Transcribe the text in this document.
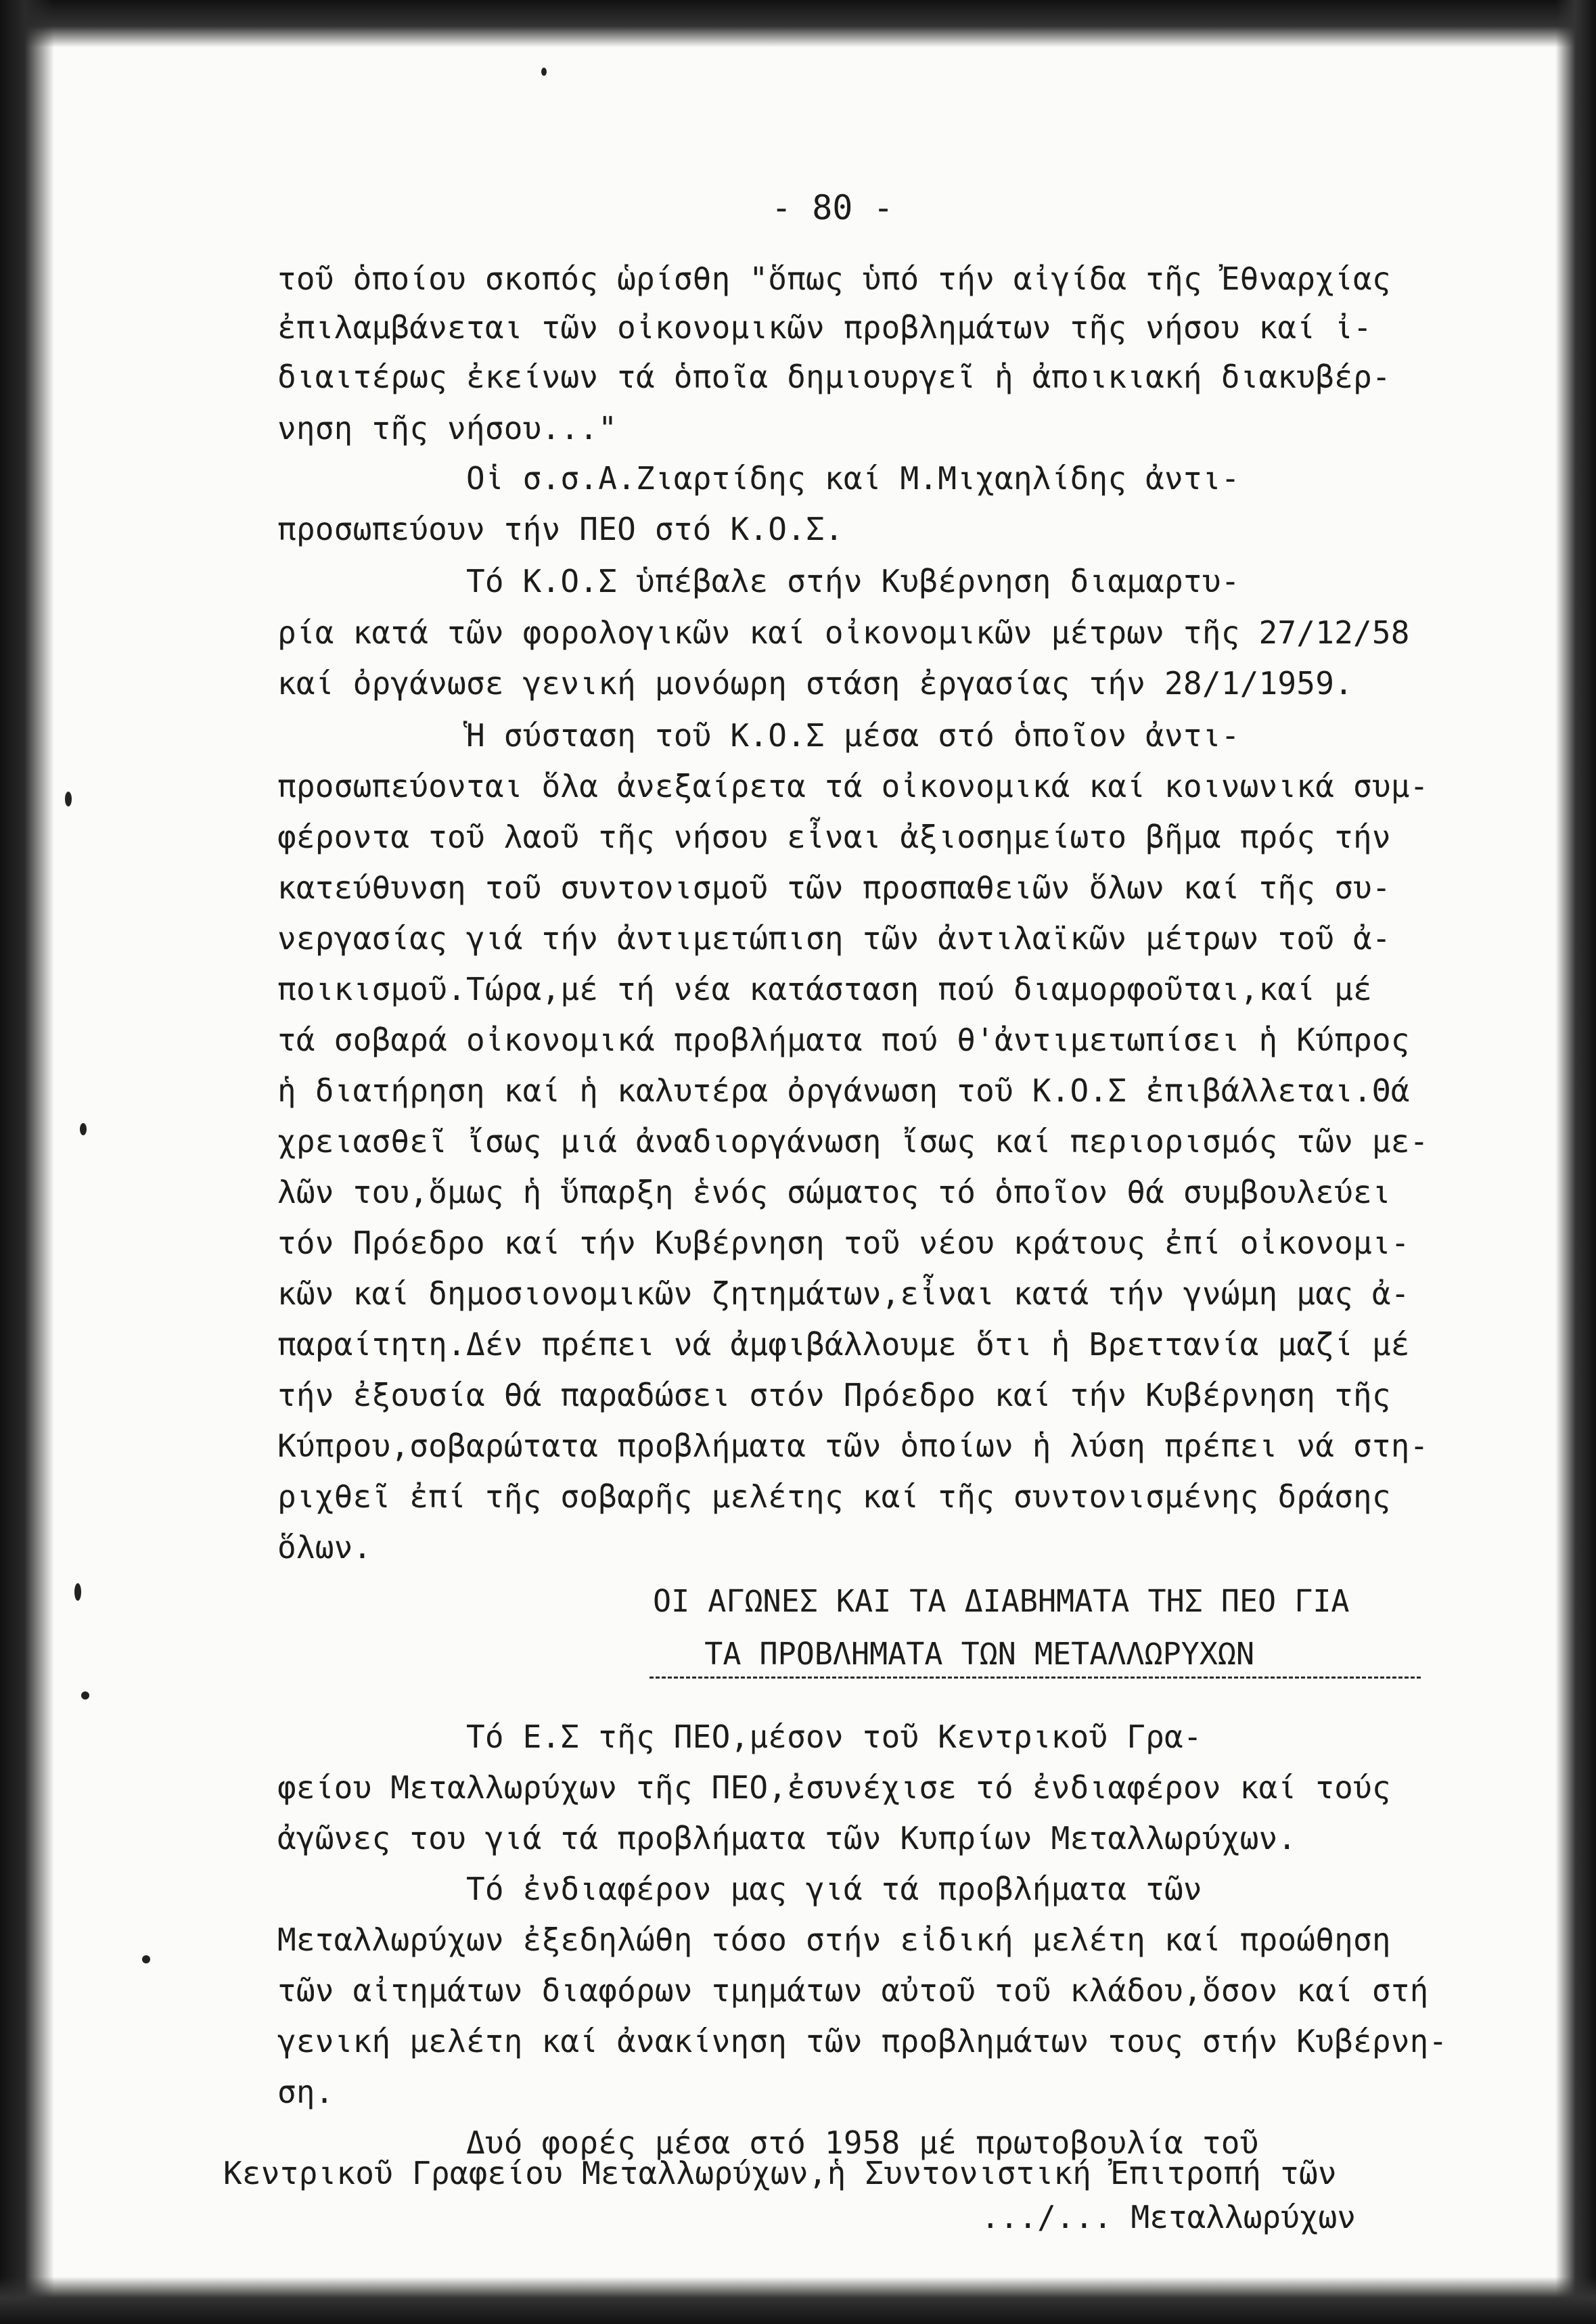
- 80 -
τοῦ ὁποίου σκοπός ὡρίσθη "ὅπως ὑπό τήν αἰγίδα τῆς Ἐθναρχίας
ἐπιλαμβάνεται τῶν οἰκονομικῶν προβλημάτων τῆς νήσου καί ἰ-
διαιτέρως ἐκείνων τά ὁποῖα δημιουργεῖ ἡ ἀποικιακή διακυβέρ-
νηση τῆς νήσου..."
Οἱ σ.σ.Α.Ζιαρτίδης καί Μ.Μιχαηλίδης ἀντι-
προσωπεύουν τήν ΠΕΟ στό Κ.Ο.Σ.
Τό Κ.Ο.Σ ὑπέβαλε στήν Κυβέρνηση διαμαρτυ-
ρία κατά τῶν φορολογικῶν καί οἰκονομικῶν μέτρων τῆς 27/12/58
καί ὀργάνωσε γενική μονόωρη στάση ἐργασίας τήν 28/1/1959.
Ἡ σύσταση τοῦ Κ.Ο.Σ μέσα στό ὁποῖον ἀντι-
προσωπεύονται ὅλα ἀνεξαίρετα τά οἰκονομικά καί κοινωνικά συμ-
φέροντα τοῦ λαοῦ τῆς νήσου εἶναι ἀξιοσημείωτο βῆμα πρός τήν
κατεύθυνση τοῦ συντονισμοῦ τῶν προσπαθειῶν ὅλων καί τῆς συ-
νεργασίας γιά τήν ἀντιμετώπιση τῶν ἀντιλαϊκῶν μέτρων τοῦ ἀ-
ποικισμοῦ.Τώρα,μέ τή νέα κατάσταση πού διαμορφοῦται,καί μέ
τά σοβαρά οἰκονομικά προβλήματα πού θ'ἀντιμετωπίσει ἡ Κύπρος
ἡ διατήρηση καί ἡ καλυτέρα ὀργάνωση τοῦ Κ.Ο.Σ ἐπιβάλλεται.Θά
χρειασθεῖ ἴσως μιά ἀναδιοργάνωση ἴσως καί περιορισμός τῶν με-
λῶν του,ὅμως ἡ ὕπαρξη ἑνός σώματος τό ὁποῖον θά συμβουλεύει
τόν Πρόεδρο καί τήν Κυβέρνηση τοῦ νέου κράτους ἐπί οἰκονομι-
κῶν καί δημοσιονομικῶν ζητημάτων,εἶναι κατά τήν γνώμη μας ἀ-
παραίτητη.Δέν πρέπει νά ἀμφιβάλλουμε ὅτι ἡ Βρεττανία μαζί μέ
τήν ἐξουσία θά παραδώσει στόν Πρόεδρο καί τήν Κυβέρνηση τῆς
Κύπρου,σοβαρώτατα προβλήματα τῶν ὁποίων ἡ λύση πρέπει νά στη-
ριχθεῖ ἐπί τῆς σοβαρῆς μελέτης καί τῆς συντονισμένης δράσης
ὅλων.
ΟΙ ΑΓΩΝΕΣ ΚΑΙ ΤΑ ΔΙΑΒΗΜΑΤΑ ΤΗΣ ΠΕΟ ΓΙΑ
ΤΑ ΠΡΟΒΛΗΜΑΤΑ ΤΩΝ ΜΕΤΑΛΛΩΡΥΧΩΝ
Τό Ε.Σ τῆς ΠΕΟ,μέσον τοῦ Κεντρικοῦ Γρα-
φείου Μεταλλωρύχων τῆς ΠΕΟ,ἐσυνέχισε τό ἐνδιαφέρον καί τούς
ἀγῶνες του γιά τά προβλήματα τῶν Κυπρίων Μεταλλωρύχων.
Τό ἐνδιαφέρον μας γιά τά προβλήματα τῶν
Μεταλλωρύχων ἐξεδηλώθη τόσο στήν εἰδική μελέτη καί προώθηση
τῶν αἰτημάτων διαφόρων τμημάτων αὐτοῦ τοῦ κλάδου,ὅσον καί στή
γενική μελέτη καί ἀνακίνηση τῶν προβλημάτων τους στήν Κυβέρνη-
ση.
Δυό φορές μέσα στό 1958 μέ πρωτοβουλία τοῦ
Κεντρικοῦ Γραφείου Μεταλλωρύχων,ἡ Συντονιστική Ἐπιτροπή τῶν
.../... Μεταλλωρύχων
